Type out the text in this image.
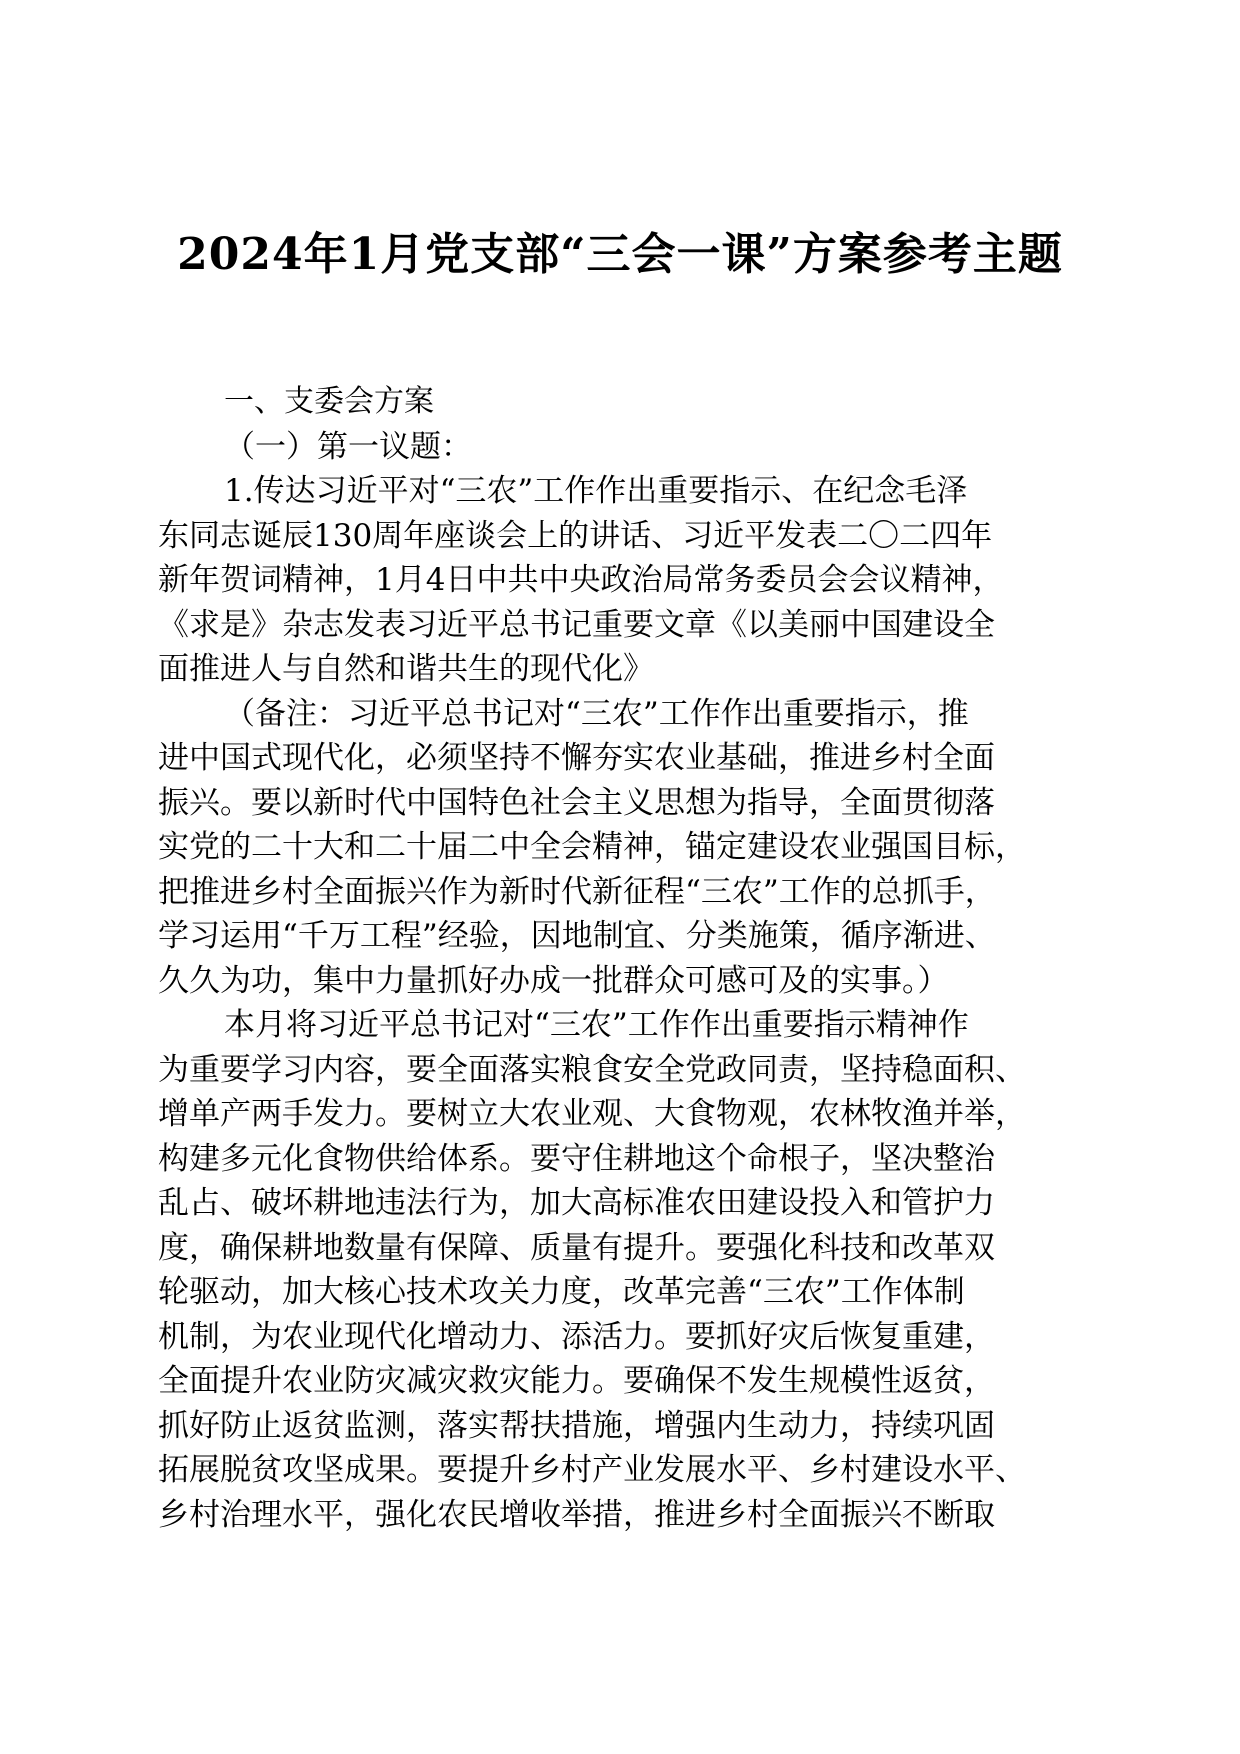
2024年1月党支部“三会一课”方案参考主题
一、支委会方案
（一）第一议题：
1.传达习近平对“三农”工作作出重要指示、在纪念毛泽
东同志诞辰130周年座谈会上的讲话、习近平发表二〇二四年
新年贺词精神，1月4日中共中央政治局常务委员会会议精神，
《求是》杂志发表习近平总书记重要文章《以美丽中国建设全
面推进人与自然和谐共生的现代化》
（备注：习近平总书记对“三农”工作作出重要指示，推
进中国式现代化，必须坚持不懈夯实农业基础，推进乡村全面
振兴。要以新时代中国特色社会主义思想为指导，全面贯彻落
实党的二十大和二十届二中全会精神，锚定建设农业强国目标，
把推进乡村全面振兴作为新时代新征程“三农”工作的总抓手，
学习运用“千万工程”经验，因地制宜、分类施策，循序渐进、
久久为功，集中力量抓好办成一批群众可感可及的实事。）
本月将习近平总书记对“三农”工作作出重要指示精神作
为重要学习内容，要全面落实粮食安全党政同责，坚持稳面积、
增单产两手发力。要树立大农业观、大食物观，农林牧渔并举，
构建多元化食物供给体系。要守住耕地这个命根子，坚决整治
乱占、破坏耕地违法行为，加大高标准农田建设投入和管护力
度，确保耕地数量有保障、质量有提升。要强化科技和改革双
轮驱动，加大核心技术攻关力度，改革完善“三农”工作体制
机制，为农业现代化增动力、添活力。要抓好灾后恢复重建，
全面提升农业防灾减灾救灾能力。要确保不发生规模性返贫，
抓好防止返贫监测，落实帮扶措施，增强内生动力，持续巩固
拓展脱贫攻坚成果。要提升乡村产业发展水平、乡村建设水平、
乡村治理水平，强化农民增收举措，推进乡村全面振兴不断取
